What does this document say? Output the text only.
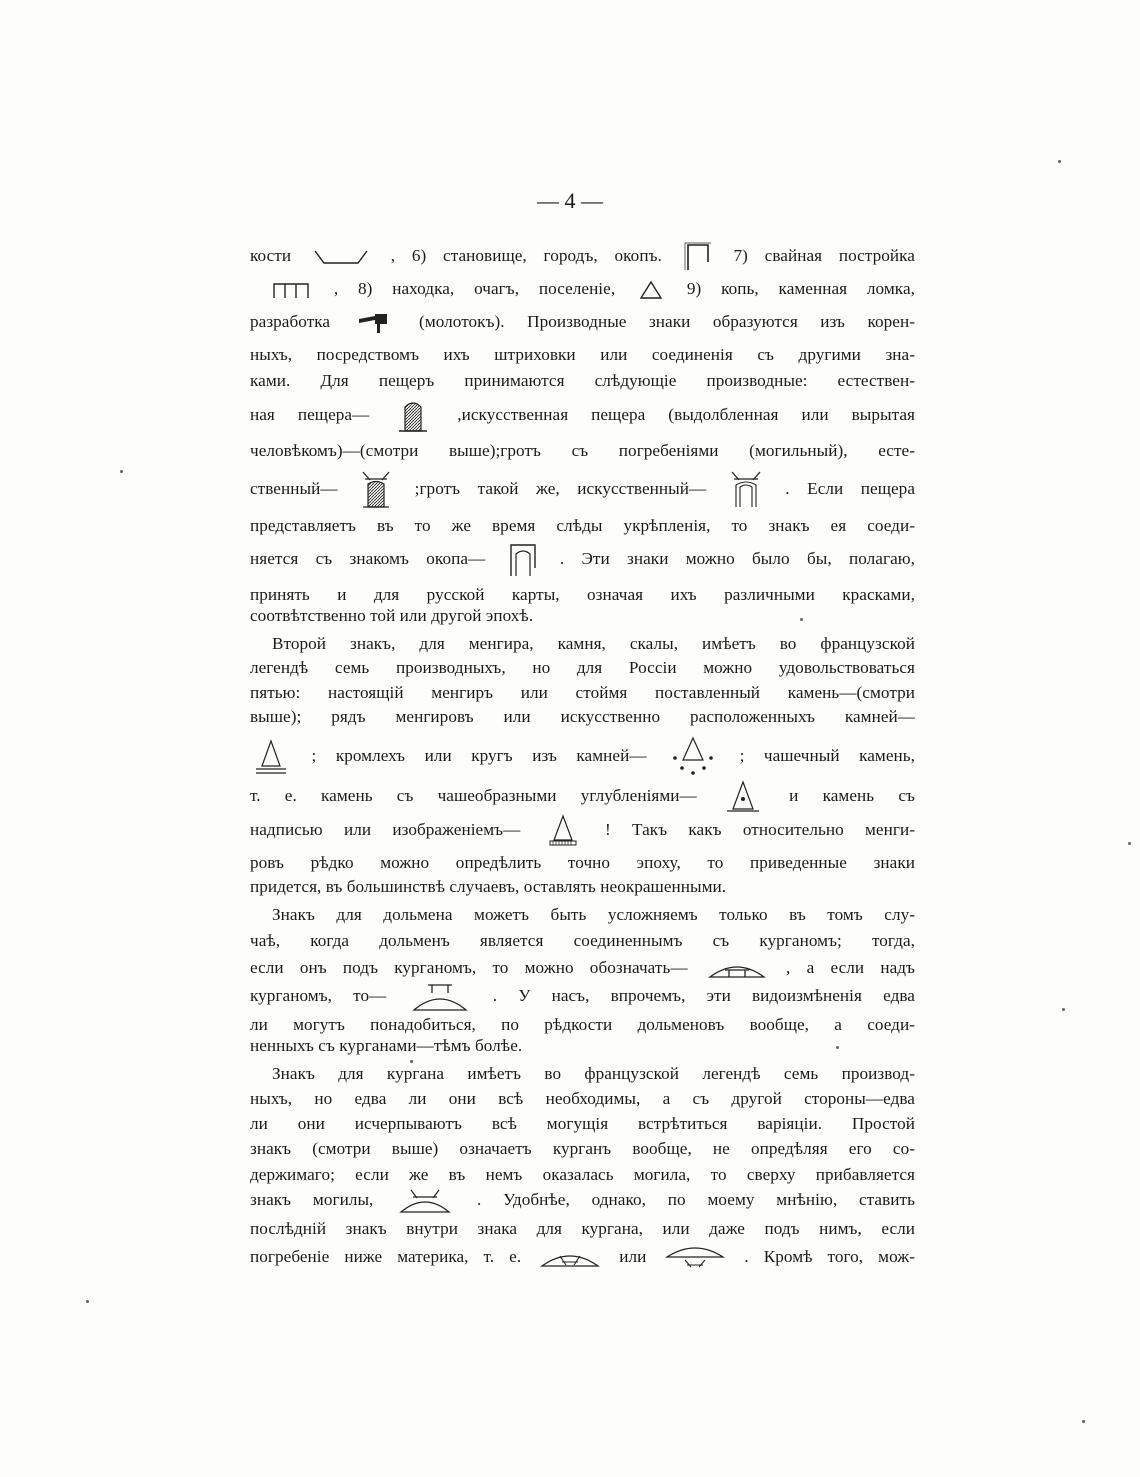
— 4 —
кости	, 6) становище, городъ, окопъ.	7) свайная постройка
, 8) находка, очагъ, поселеніе,	9) копь, каменная ломка,
разработка	(молотокъ). Производные знаки образуются изъ корен-
ныхъ, посредствомъ ихъ штриховки или соединенія съ другими зна-
ками. Для пещеръ принимаются слѣдующіе производные: естествен-
ная пещера—	,искусственная пещера (выдолбленная или вырытая
человѣкомъ)—(смотри выше);гротъ съ погребеніями (могильный), есте-
ственный—	;гротъ такой же, искусственный—	. Если пещера
представляетъ въ то же время слѣды укрѣпленія, то знакъ ея соеди-
няется съ знакомъ окопа—	. Эти знаки можно было бы, полагаю,
принять и для русской карты, означая ихъ различными красками,
соотвѣтственно той или другой эпохѣ.
Второй знакъ, для менгира, камня, скалы, имѣетъ во французской
легендѣ семь производныхъ, но для Россіи можно удовольствоваться
пятью: настоящій менгиръ или стоймя поставленный камень—(смотри
выше); рядъ менгировъ или искусственно расположенныхъ камней—
; кромлехъ или кругъ изъ камней—	; чашечный камень,
т. е. камень съ чашеобразными углубленіями—	и камень съ
надписью или изображеніемъ—	! Такъ какъ относительно менги-
ровъ рѣдко можно опредѣлить точно эпоху, то приведенные знаки
придется, въ большинствѣ случаевъ, оставлять неокрашенными.
Знакъ для дольмена можетъ быть усложняемъ только въ томъ слу-
чаѣ, когда дольменъ является соединеннымъ съ курганомъ; тогда,
если онъ подъ курганомъ, то можно обозначать—	, а если надъ
курганомъ, то—	. У насъ, впрочемъ, эти видоизмѣненія едва
ли могутъ понадобиться, по рѣдкости дольменовъ вообще, а соеди-
ненныхъ съ курганами—тѣмъ болѣе.
Знакъ для кургана имѣетъ во французской легендѣ семь производ-
ныхъ, но едва ли они всѣ необходимы, а съ другой стороны—едва
ли они исчерпываютъ всѣ могущія встрѣтиться варіяціи. Простой
знакъ (смотри выше) означаетъ курганъ вообще, не опредѣляя его со-
держимаго; если же въ немъ оказалась могила, то сверху прибавляется
знакъ могилы,	. Удобнѣе, однако, по моему мнѣнію, ставить
послѣдній знакъ внутри знака для кургана, или даже подъ нимъ, если
погребеніе ниже материка, т. е.	или	. Кромѣ того, мож-
